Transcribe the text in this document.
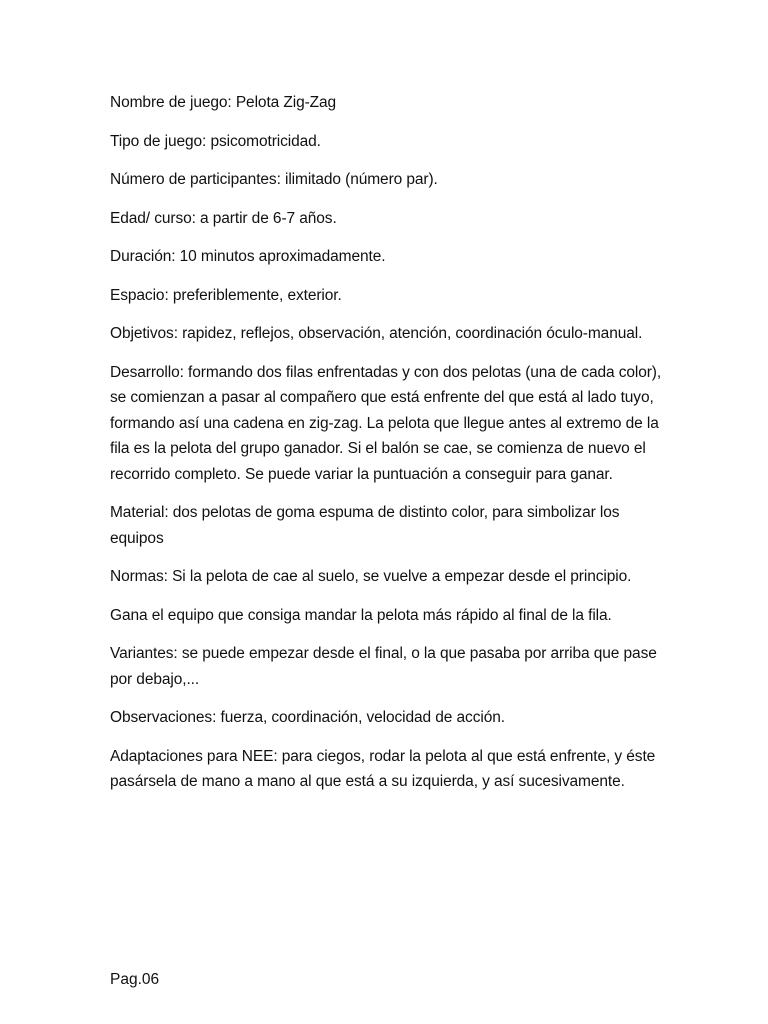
Nombre de juego: Pelota Zig-Zag

Tipo de juego: psicomotricidad.

Número de participantes: ilimitado (número par).

Edad/ curso: a partir de 6-7 años.

Duración: 10 minutos aproximadamente.

Espacio: preferiblemente, exterior.

Objetivos: rapidez, reflejos, observación, atención, coordinación óculo-manual.

Desarrollo: formando dos filas enfrentadas y con dos pelotas (una de cada color), se comienzan a pasar al compañero que está enfrente del que está al lado tuyo, formando así una cadena en zig-zag. La pelota que llegue antes al extremo de la fila es la pelota del grupo ganador. Si el balón se cae, se comienza de nuevo el recorrido completo. Se puede variar la puntuación a conseguir para ganar.

Material: dos pelotas de goma espuma de distinto color, para simbolizar los equipos

Normas: Si la pelota de cae al suelo, se vuelve a empezar desde el principio.

Gana el equipo que consiga mandar la pelota más rápido al final de la fila.

Variantes: se puede empezar desde el final, o la que pasaba por arriba que pase por debajo,...

Observaciones: fuerza, coordinación, velocidad de acción.

Adaptaciones para NEE: para ciegos, rodar la pelota al que está enfrente, y éste pasársela de mano a mano al que está a su izquierda, y así sucesivamente.

Pag.06
